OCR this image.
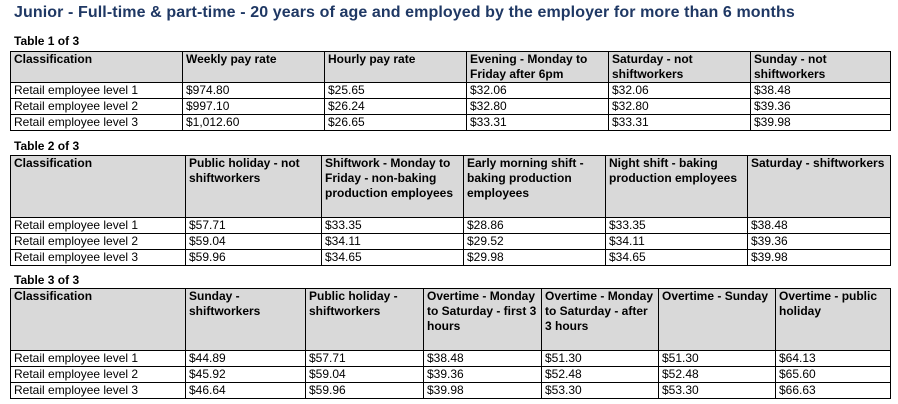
Junior - Full-time & part-time - 20 years of age and employed by the employer for more than 6 months
Table 1 of 3
Classification	Weekly pay rate	Hourly pay rate	Evening - Monday to Friday after 6pm	Saturday - not shiftworkers	Sunday - not shiftworkers
Retail employee level 1	$974.80	$25.65	$32.06	$32.06	$38.48
Retail employee level 2	$997.10	$26.24	$32.80	$32.80	$39.36
Retail employee level 3	$1,012.60	$26.65	$33.31	$33.31	$39.98
Table 2 of 3
Classification	Public holiday - not shiftworkers	Shiftwork - Monday to Friday - non-baking production employees	Early morning shift - baking production employees	Night shift - baking production employees	Saturday - shiftworkers
Retail employee level 1	$57.71	$33.35	$28.86	$33.35	$38.48
Retail employee level 2	$59.04	$34.11	$29.52	$34.11	$39.36
Retail employee level 3	$59.96	$34.65	$29.98	$34.65	$39.98
Table 3 of 3
Classification	Sunday - shiftworkers	Public holiday - shiftworkers	Overtime - Monday to Saturday - first 3 hours	Overtime - Monday to Saturday - after 3 hours	Overtime - Sunday	Overtime - public holiday
Retail employee level 1	$44.89	$57.71	$38.48	$51.30	$51.30	$64.13
Retail employee level 2	$45.92	$59.04	$39.36	$52.48	$52.48	$65.60
Retail employee level 3	$46.64	$59.96	$39.98	$53.30	$53.30	$66.63
